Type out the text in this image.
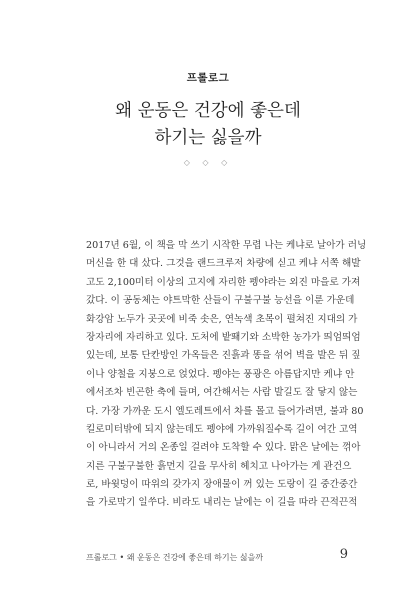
프롤로그
왜 운동은 건강에 좋은데
하기는 싫을까
◇ ◇ ◇
2017년 6월, 이 책을 막 쓰기 시작한 무렵 나는 케냐로 날아가 러닝
머신을 한 대 샀다. 그것을 랜드크루저 차량에 싣고 케냐 서쪽 해발
고도 2,100미터 이상의 고지에 자리한 펭야라는 외진 마을로 가져
갔다. 이 공동체는 야트막한 산들이 구불구불 능선을 이룬 가운데
화강암 노두가 곳곳에 비죽 솟은, 연녹색 초목이 펼쳐진 지대의 가
장자리에 자리하고 있다. 도처에 밭뙈기와 소박한 농가가 띄엄띄엄
있는데, 보통 단칸방인 가옥들은 진흙과 똥을 섞어 벽을 발은 뒤 짚
이나 양철을 지붕으로 얹었다. 펭야는 풍광은 아름답지만 케냐 안
에서조차 빈곤한 축에 들며, 여간해서는 사람 발길도 잘 닿지 않는
다. 가장 가까운 도시 엘도레트에서 차를 몰고 들어가려면, 불과 80
킬로미터밖에 되지 않는데도 펭야에 가까워질수록 길이 여간 고역
이 아니라서 거의 온종일 걸려야 도착할 수 있다. 맑은 날에는 꺾아
지른 구불구불한 흙먼지 길을 무사히 헤치고 나아가는 게 관건으
로, 바윗덩이 따위의 갖가지 장애물이 꺼 있는 도랑이 길 중간중간
을 가로막기 일쑤다. 비라도 내리는 날에는 이 길을 따라 끈적끈적
프롤로그 • 왜 운동은 건강에 좋은데 하기는 싫을까	9
